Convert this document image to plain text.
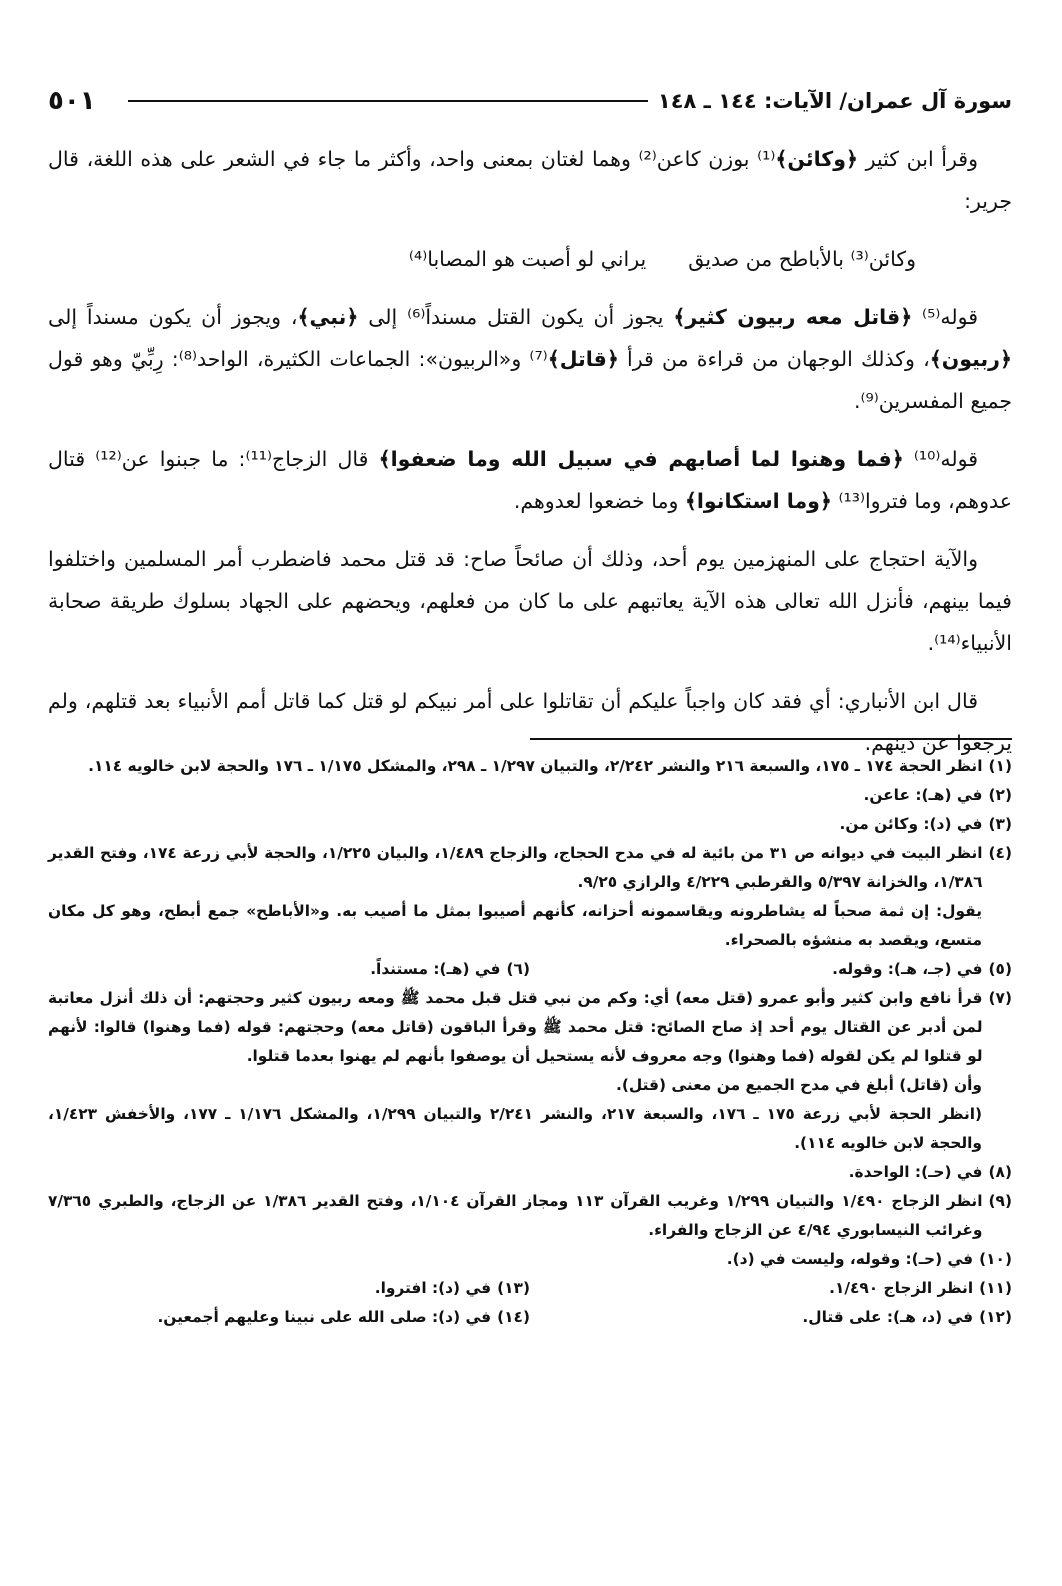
٥٠١	سورة آل عمران/ الآيات: ١٤٤ ـ ١٤٨

وقرأ ابن كثير ﴿وكائن﴾⁽¹⁾ بوزن كاعن⁽²⁾ وهما لغتان بمعنى واحد، وأكثر ما جاء في الشعر على هذه اللغة، قال جرير:

وكائن⁽³⁾ بالأباطح من صديق
يراني لو أصبت هو المصابا⁽⁴⁾

قوله⁽⁵⁾ ﴿قاتل معه ربيون كثير﴾ يجوز أن يكون القتل مسنداً⁽⁶⁾ إلى ﴿نبي﴾، ويجوز أن يكون مسنداً إلى ﴿ربيون﴾، وكذلك الوجهان من قراءة من قرأ ﴿قاتل﴾⁽⁷⁾ و«الربيون»: الجماعات الكثيرة، الواحد⁽⁸⁾: رِبِّيّ وهو قول جميع المفسرين⁽⁹⁾.

قوله⁽¹⁰⁾ ﴿فما وهنوا لما أصابهم في سبيل الله وما ضعفوا﴾ قال الزجاج⁽¹¹⁾: ما جبنوا عن⁽¹²⁾ قتال عدوهم، وما فتروا⁽¹³⁾ ﴿وما استكانوا﴾ وما خضعوا لعدوهم.

والآية احتجاج على المنهزمين يوم أحد، وذلك أن صائحاً صاح: قد قتل محمد فاضطرب أمر المسلمين واختلفوا فيما بينهم، فأنزل الله تعالى هذه الآية يعاتبهم على ما كان من فعلهم، ويحضهم على الجهاد بسلوك طريقة صحابة الأنبياء⁽¹⁴⁾.

قال ابن الأنباري: أي فقد كان واجباً عليكم أن تقاتلوا على أمر نبيكم لو قتل كما قاتل أمم الأنبياء بعد قتلهم، ولم يرجعوا عن دينهم.

(١)
انظر الحجة ١٧٤ ـ ١٧٥، والسبعة ٢١٦ والنشر ٢/٢٤٢، والتبيان ١/٢٩٧ ـ ٢٩٨، والمشكل ١/١٧٥ ـ ١٧٦ والحجة لابن خالويه ١١٤.
(٢)
في (هـ): عاعن.
(٣)
في (د): وكائن من.
(٤)
انظر البيت في ديوانه ص ٣١ من بائية له في مدح الحجاج، والزجاج ١/٤٨٩، والبيان ١/٢٢٥، والحجة لأبي زرعة ١٧٤، وفتح القدير ١/٣٨٦، والخزانة ٥/٣٩٧ والقرطبي ٤/٢٢٩ والرازي ٩/٢٥.
يقول: إن ثمة صحباً له يشاطرونه ويقاسمونه أحزانه، كأنهم أصيبوا بمثل ما أصيب به. و«الأباطح» جمع أبطح، وهو كل مكان متسع، ويقصد به منشؤه بالصحراء.
(٥)
في (جـ، هـ): وقوله.
(٦)
في (هـ): مستنداً.
(٧)
قرأ نافع وابن كثير وأبو عمرو (قتل معه) أي: وكم من نبي قتل قبل محمد ﷺ ومعه ربيون كثير وحجتهم: أن ذلك أنزل معاتبة لمن أدبر عن القتال يوم أحد إذ صاح الصائح: قتل محمد ﷺ وقرأ الباقون (قاتل معه) وحجتهم: قوله (فما وهنوا) قالوا: لأنهم لو قتلوا لم يكن لقوله (فما وهنوا) وجه معروف لأنه يستحيل أن يوصفوا بأنهم لم يهنوا بعدما قتلوا.
وأن (قاتل) أبلغ في مدح الجميع من معنى (قتل).
(انظر الحجة لأبي زرعة ١٧٥ ـ ١٧٦، والسبعة ٢١٧، والنشر ٢/٢٤١ والتبيان ١/٢٩٩، والمشكل ١/١٧٦ ـ ١٧٧، والأخفش ١/٤٢٣، والحجة لابن خالويه ١١٤).
(٨)
في (حـ): الواحدة.
(٩)
انظر الزجاج ١/٤٩٠ والتبيان ١/٢٩٩ وغريب القرآن ١١٣ ومجاز القرآن ١/١٠٤، وفتح القدير ١/٣٨٦ عن الزجاج، والطبري ٧/٣٦٥ وغرائب النيسابوري ٤/٩٤ عن الزجاج والفراء.
(١٠)
في (حـ): وقوله، وليست في (د).
(١١)
انظر الزجاج ١/٤٩٠.
(١٣)
في (د): افتروا.
(١٢)
في (د، هـ): على قتال.
(١٤)
في (د): صلى الله على نبينا وعليهم أجمعين.
